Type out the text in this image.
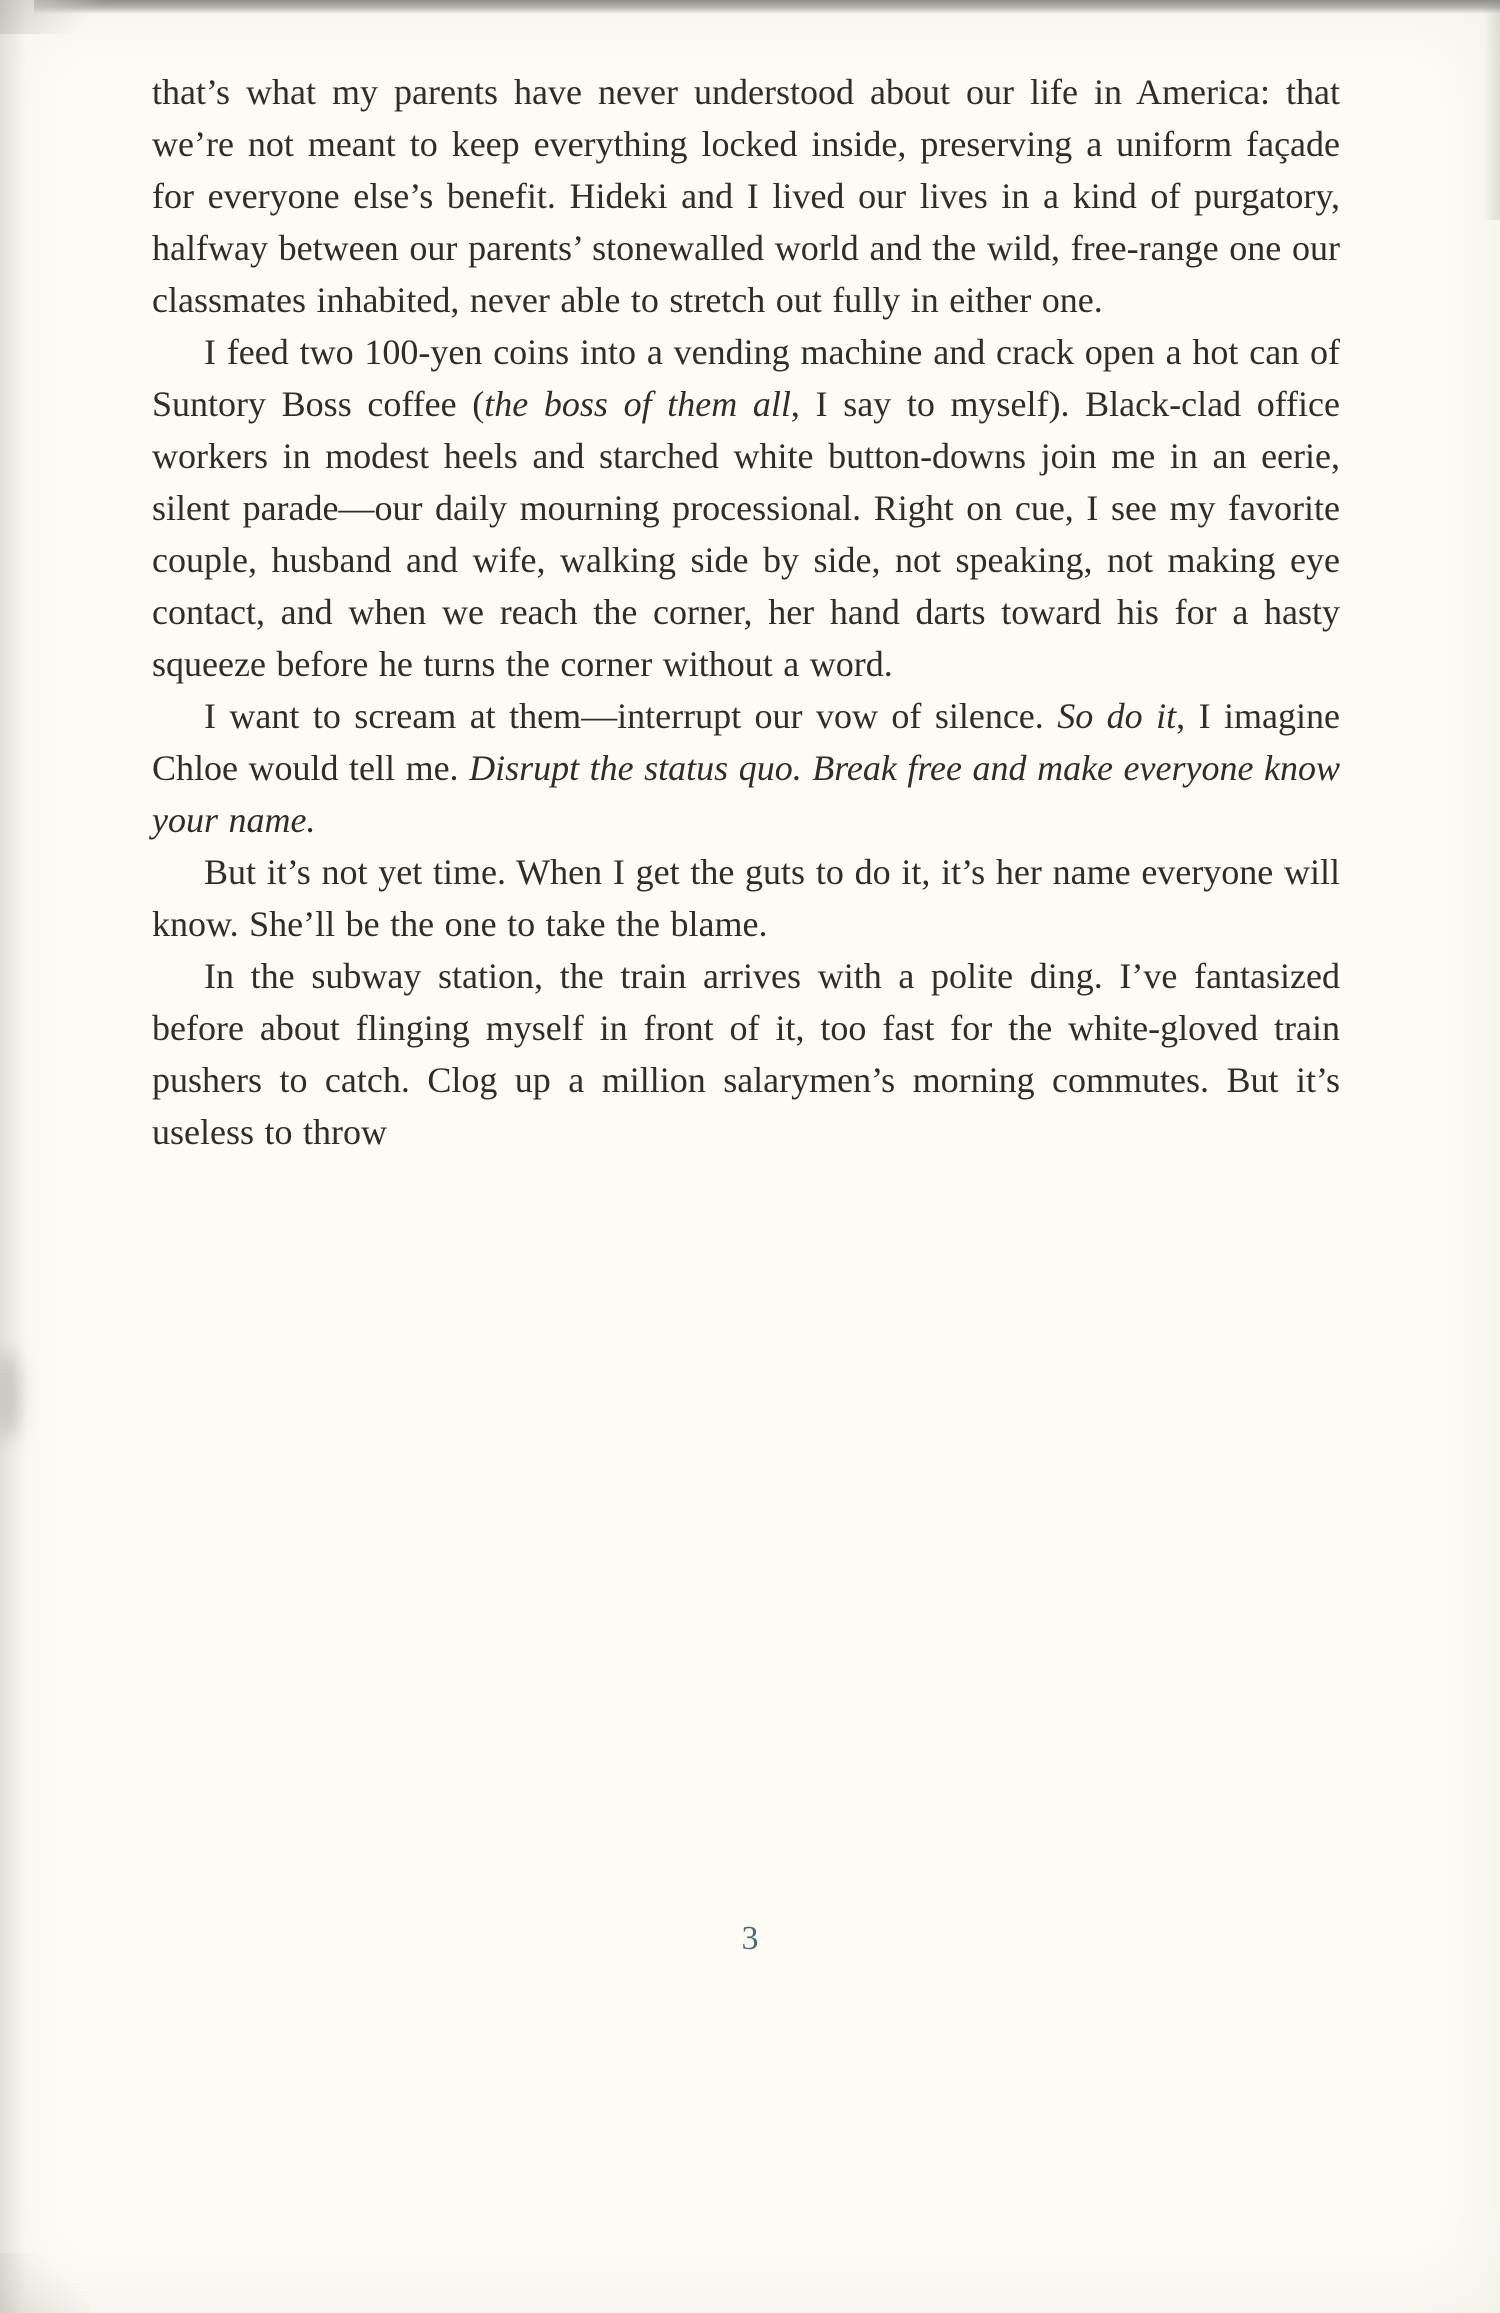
that’s what my parents have never understood about our life in America: that we’re not meant to keep everything locked inside, preserving a uniform façade for everyone else’s benefit. Hideki and I lived our lives in a kind of purgatory, halfway between our parents’ stonewalled world and the wild, free-range one our classmates inhabited, never able to stretch out fully in either one.

I feed two 100-yen coins into a vending machine and crack open a hot can of Suntory Boss coffee (the boss of them all, I say to myself). Black-clad office workers in modest heels and starched white button-downs join me in an eerie, silent parade—our daily mourning processional. Right on cue, I see my favorite couple, husband and wife, walking side by side, not speaking, not making eye contact, and when we reach the corner, her hand darts toward his for a hasty squeeze before he turns the corner without a word.

I want to scream at them—interrupt our vow of silence. So do it, I imagine Chloe would tell me. Disrupt the status quo. Break free and make everyone know your name.

But it’s not yet time. When I get the guts to do it, it’s her name everyone will know. She’ll be the one to take the blame.

In the subway station, the train arrives with a polite ding. I’ve fantasized before about flinging myself in front of it, too fast for the white-gloved train pushers to catch. Clog up a million salarymen’s morning commutes. But it’s useless to throw

3
